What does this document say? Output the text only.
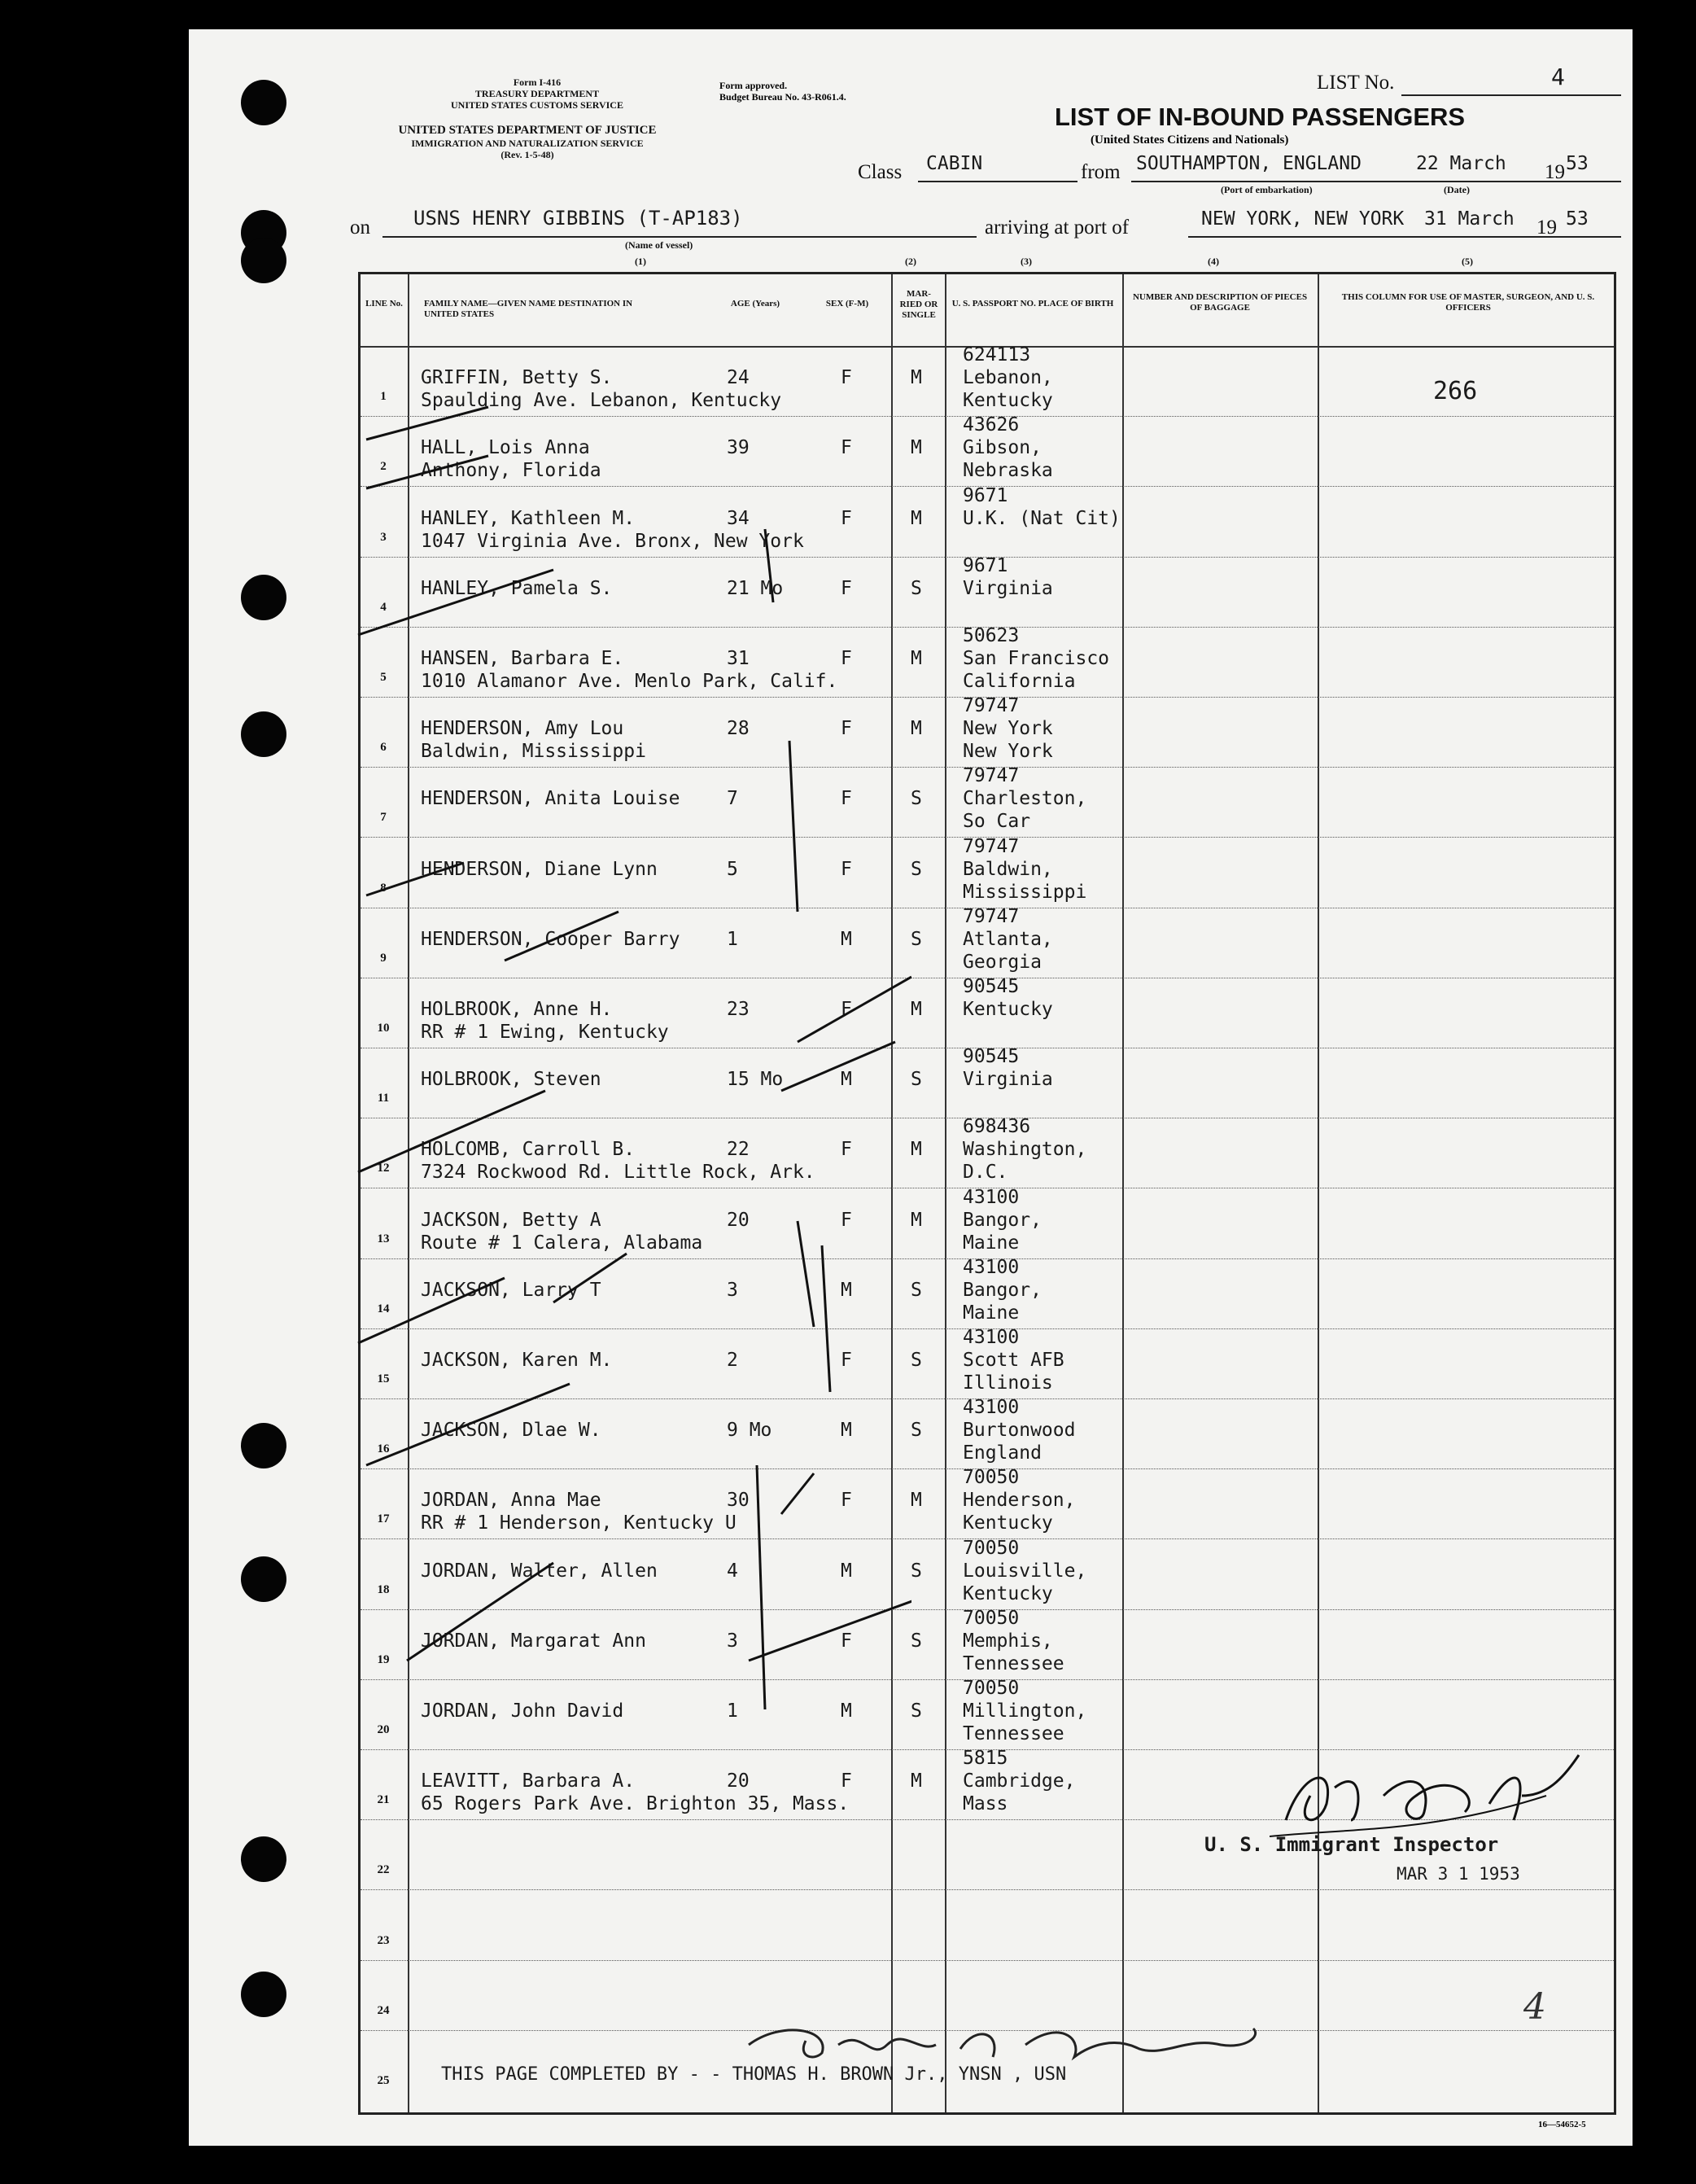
Form I-416
TREASURY DEPARTMENT
UNITED STATES CUSTOMS SERVICE
UNITED STATES DEPARTMENT OF JUSTICE
IMMIGRATION AND NATURALIZATION SERVICE
(Rev. 1-5-48)
Form approved.
Budget Bureau No. 43-R061.4.
LIST No.	4
LIST OF IN-BOUND PASSENGERS
(United States Citizens and Nationals)
Class CABIN	from SOUTHAMPTON, ENGLAND	22 March 19 53
(Port of embarkation)	(Date)
on USNS HENRY GIBBINS (T-AP183)
(Name of vessel)
arriving at port of	NEW YORK, NEW YORK 31 March 19 53
(1)	(2)	(3)	(4)	(5)
LINE No.	FAMILY NAME—GIVEN NAME DESTINATION IN UNITED STATES
AGE (Years)	SEX (F-M)
MAR- RIED OR SINGLE
U. S. PASSPORT NO. PLACE OF BIRTH
NUMBER AND DESCRIPTION OF PIECES OF BAGGAGE
THIS COLUMN FOR USE OF MASTER, SURGEON, AND U. S. OFFICERS
1
GRIFFIN, Betty S.
Spaulding Ave. Lebanon, Kentucky
24	F	M
624113
Lebanon,
Kentucky	266
2
HALL, Lois Anna
Anthony, Florida
39	F	M
43626
Gibson,
Nebraska
3
HANLEY, Kathleen M.
1047 Virginia Ave. Bronx, New York
34	F	M
9671
U.K. (Nat Cit)
4
HANLEY, Pamela S.	21 Mo	F	S
9671
Virginia
5
HANSEN, Barbara E.
1010 Alamanor Ave. Menlo Park, Calif.
31	F	M
50623
San Francisco
California
6
HENDERSON, Amy Lou
Baldwin, Mississippi
28	F	M
79747
New York
New York
7
HENDERSON, Anita Louise	7	F	S
79747
Charleston,
So Car
8
HENDERSON, Diane Lynn	5	F	S
79747
Baldwin,
Mississippi
9
HENDERSON, Cooper Barry	1	M	S
79747
Atlanta,
Georgia
10
HOLBROOK, Anne H.
RR # 1 Ewing, Kentucky
23	F	M
90545
Kentucky
11
HOLBROOK, Steven	15 Mo	M	S
90545
Virginia
12
HOLCOMB, Carroll B.
7324 Rockwood Rd. Little Rock, Ark.
22	F	M
698436
Washington,
D.C.
13
JACKSON, Betty A
Route # 1 Calera, Alabama
20	F	M
43100
Bangor,
Maine
14
JACKSON, Larry T	3	M	S
43100
Bangor,
Maine
15
JACKSON, Karen M.	2	F	S
43100
Scott AFB
Illinois
16
JACKSON, Dlae W.	9 Mo	M	S
43100
Burtonwood
England
17
JORDAN, Anna Mae
RR # 1 Henderson, Kentucky U
30	F	M
70050
Henderson,
Kentucky
18
JORDAN, Walter, Allen	4	M	S
70050
Louisville,
Kentucky
19
JORDAN, Margarat Ann	3	F	S
70050
Memphis,
Tennessee
20
JORDAN, John David	1	M	S
70050
Millington,
Tennessee
21
LEAVITT, Barbara A.
65 Rogers Park Ave. Brighton 35, Mass.
20	F	M
5815
Cambridge,
Mass
22
23
24
25
U. S. Immigrant Inspector
MAR 3 1 1953
THIS PAGE COMPLETED BY - - THOMAS H. BROWN Jr., YNSN , USN
4
16—54652-5
